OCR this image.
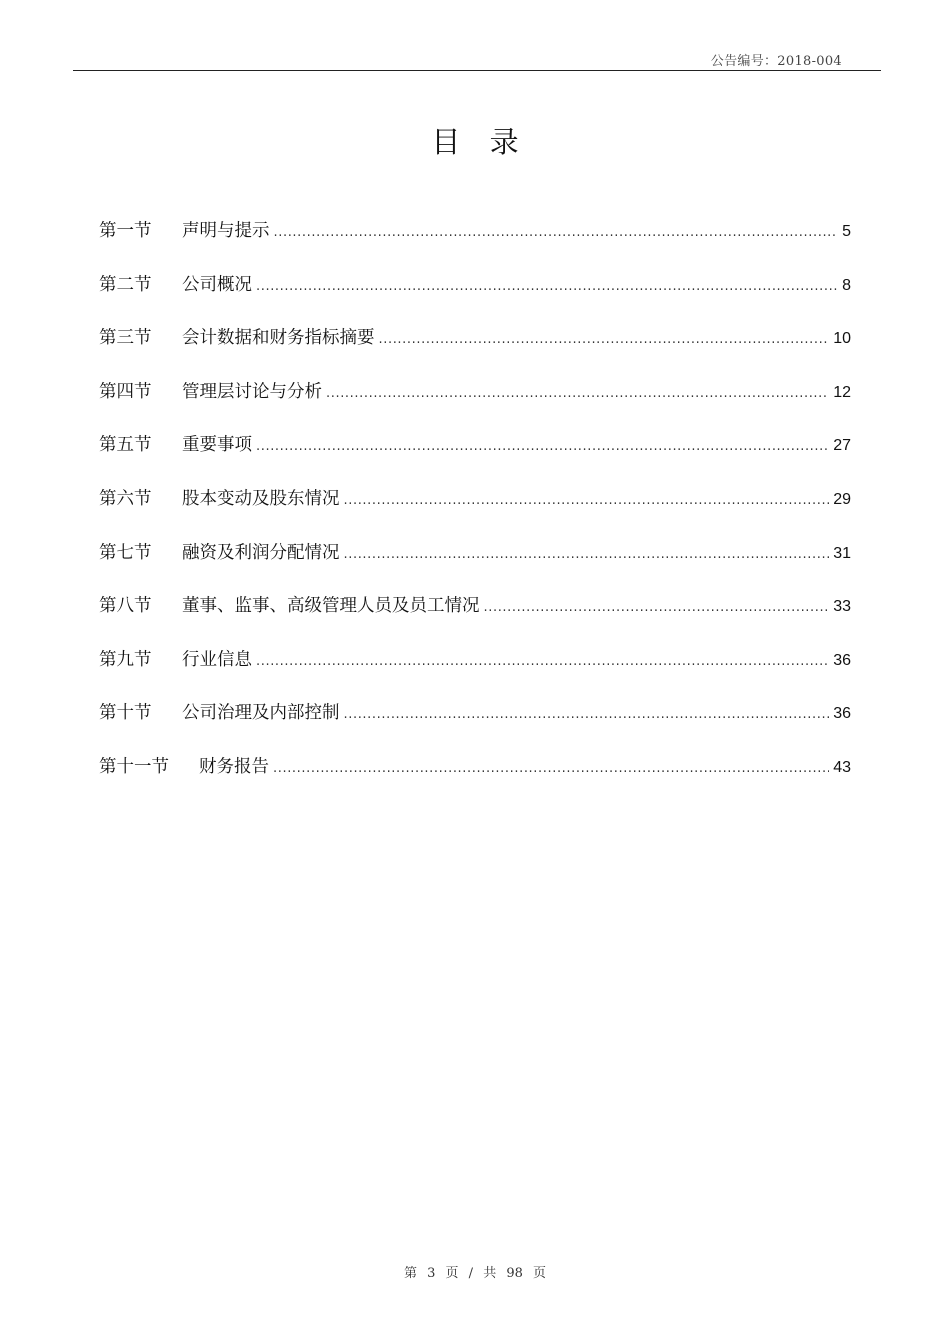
公告编号：2018-004
目 录
第一节	声明与提示 .....	5
第二节	公司概况 .....	8
第三节	会计数据和财务指标摘要 .....	10
第四节	管理层讨论与分析 .....	12
第五节	重要事项 .....	27
第六节	股本变动及股东情况 .....	29
第七节	融资及利润分配情况 .....	31
第八节	董事、监事、高级管理人员及员工情况 .....	33
第九节	行业信息 .....	36
第十节	公司治理及内部控制 .....	36
第十一节	财务报告 .....	43
第 3 页 / 共 98 页
